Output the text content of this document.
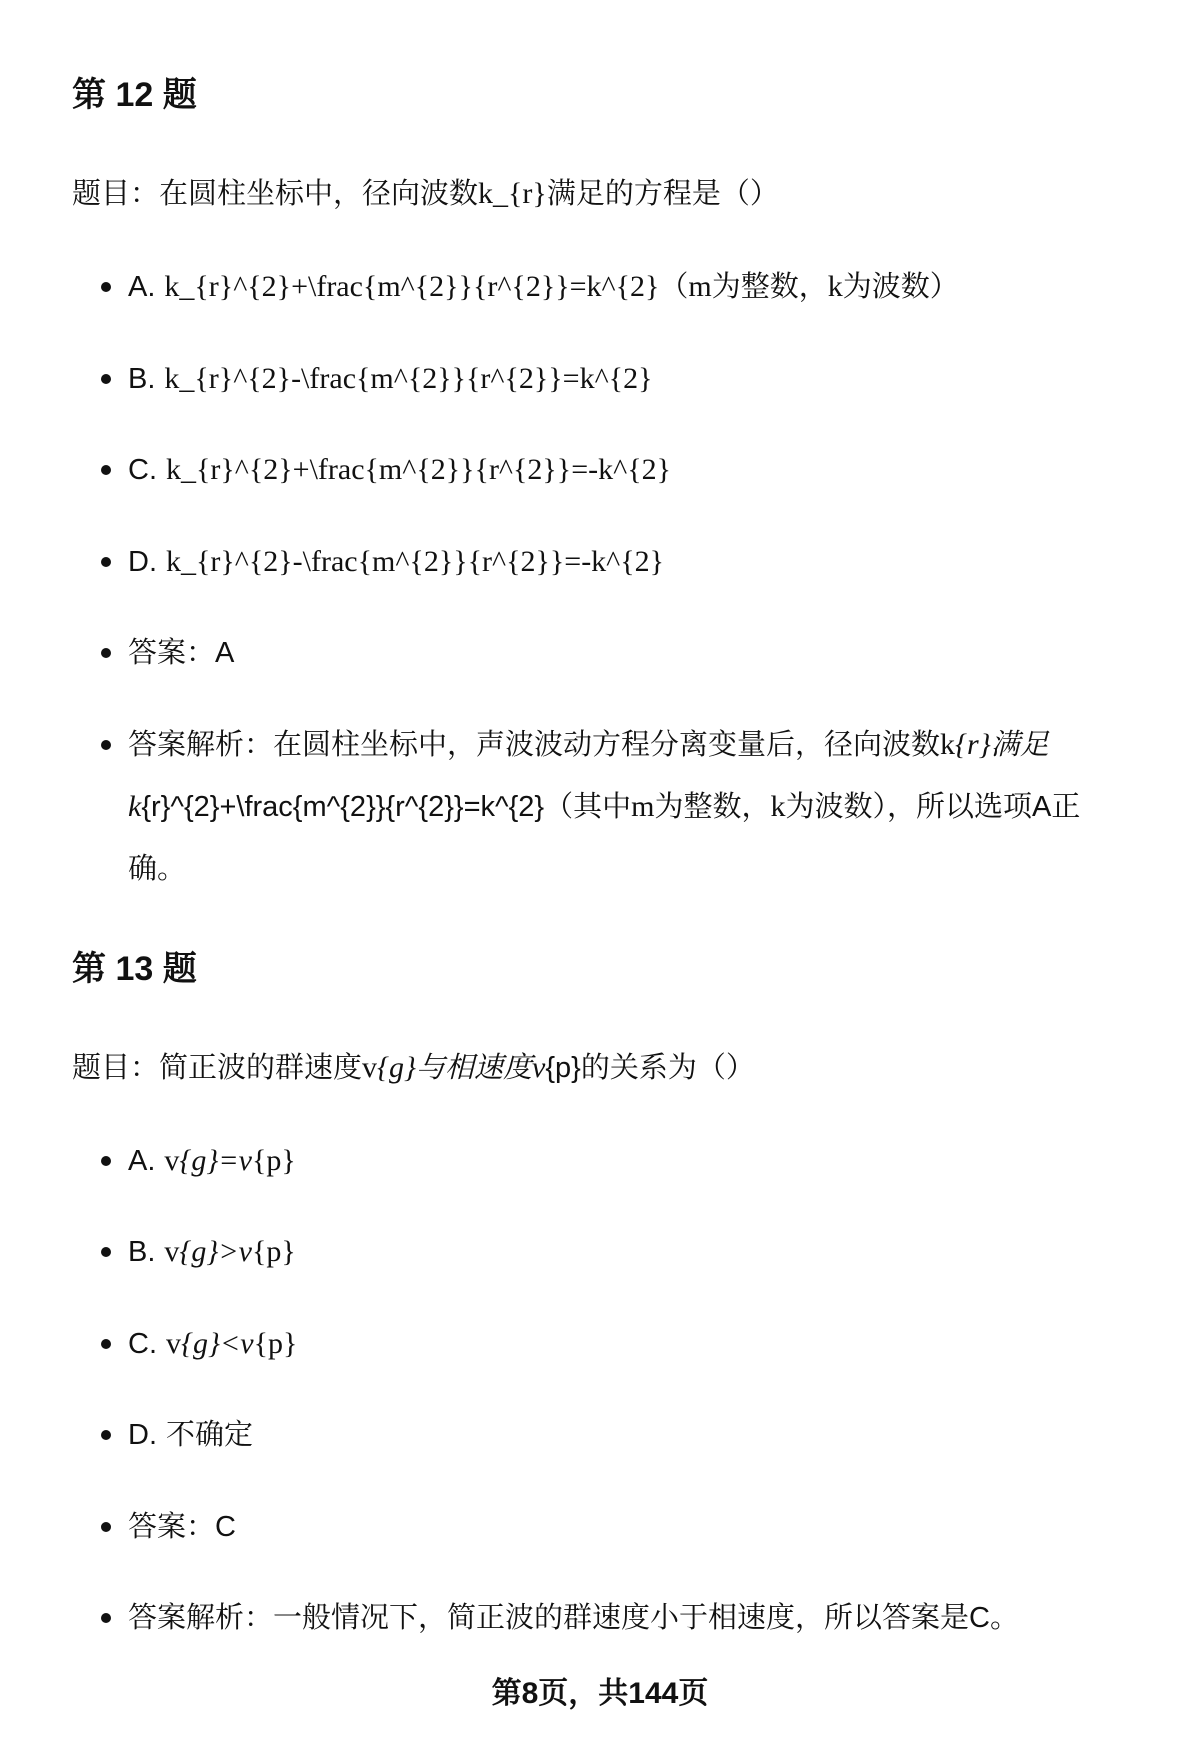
第 12 题

题目：在圆柱坐标中，径向波数k_{r}满足的方程是（）

A. k_{r}^{2}+\frac{m^{2}}{r^{2}}=k^{2}（m为整数，k为波数）
B. k_{r}^{2}-\frac{m^{2}}{r^{2}}=k^{2}
C. k_{r}^{2}+\frac{m^{2}}{r^{2}}=-k^{2}
D. k_{r}^{2}-\frac{m^{2}}{r^{2}}=-k^{2}
答案：A
答案解析：在圆柱坐标中，声波波动方程分离变量后，径向波数k{r}满足k{r}^{2}+\frac{m^{2}}{r^{2}}=k^{2}（其中m为整数，k为波数），所以选项A正确。
第 13 题

题目：简正波的群速度v{g}与相速度v{p}的关系为（）

A. v{g}=v{p}
B. v{g}>v{p}
C. v{g}<v{p}
D. 不确定
答案：C
答案解析：一般情况下，简正波的群速度小于相速度，所以答案是C。
第8页，共144页
